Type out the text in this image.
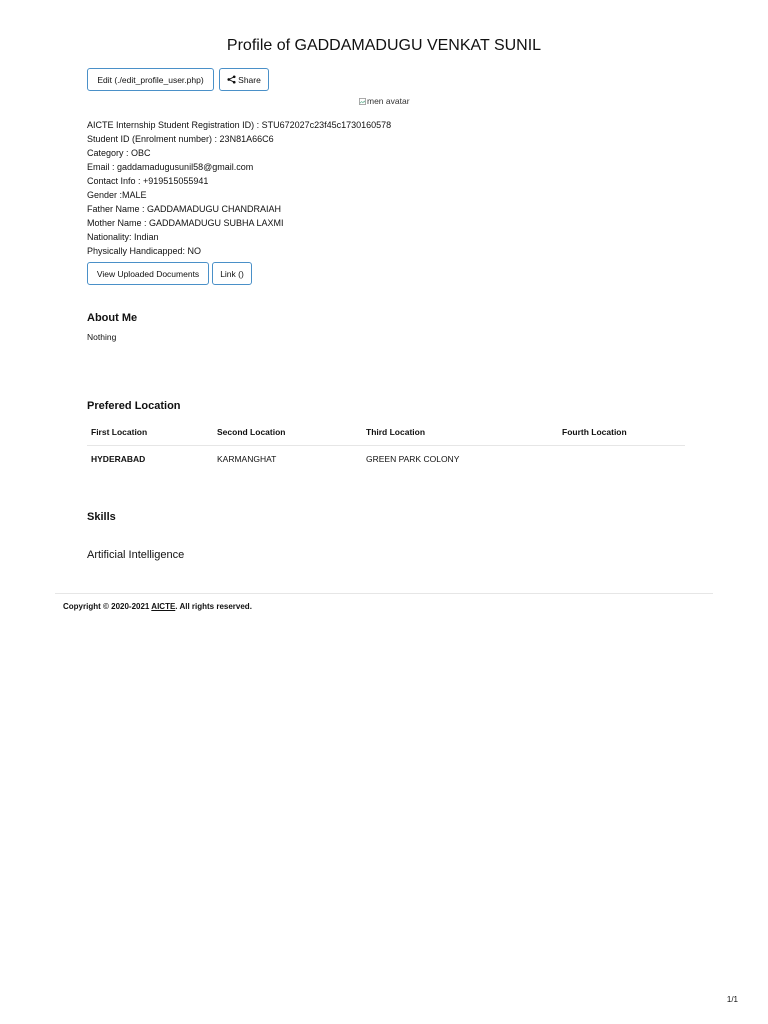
Profile of GADDAMADUGU VENKAT SUNIL
Edit (./edit_profile_user.php)	Share
men avatar
AICTE Internship Student Registration ID) : STU672027c23f45c1730160578
Student ID (Enrolment number) : 23N81A66C6
Category : OBC
Email : gaddamadugusunil58@gmail.com
Contact Info : +919515055941
Gender :MALE
Father Name : GADDAMADUGU CHANDRAIAH
Mother Name : GADDAMADUGU SUBHA LAXMI
Nationality: Indian
Physically Handicapped: NO
View Uploaded Documents	Link ()
About Me
Nothing
Prefered Location
First Location	Second Location	Third Location	Fourth Location
HYDERABAD	KARMANGHAT	GREEN PARK COLONY	
Skills
Artificial Intelligence
Copyright © 2020-2021 AICTE. All rights reserved.
1/1
